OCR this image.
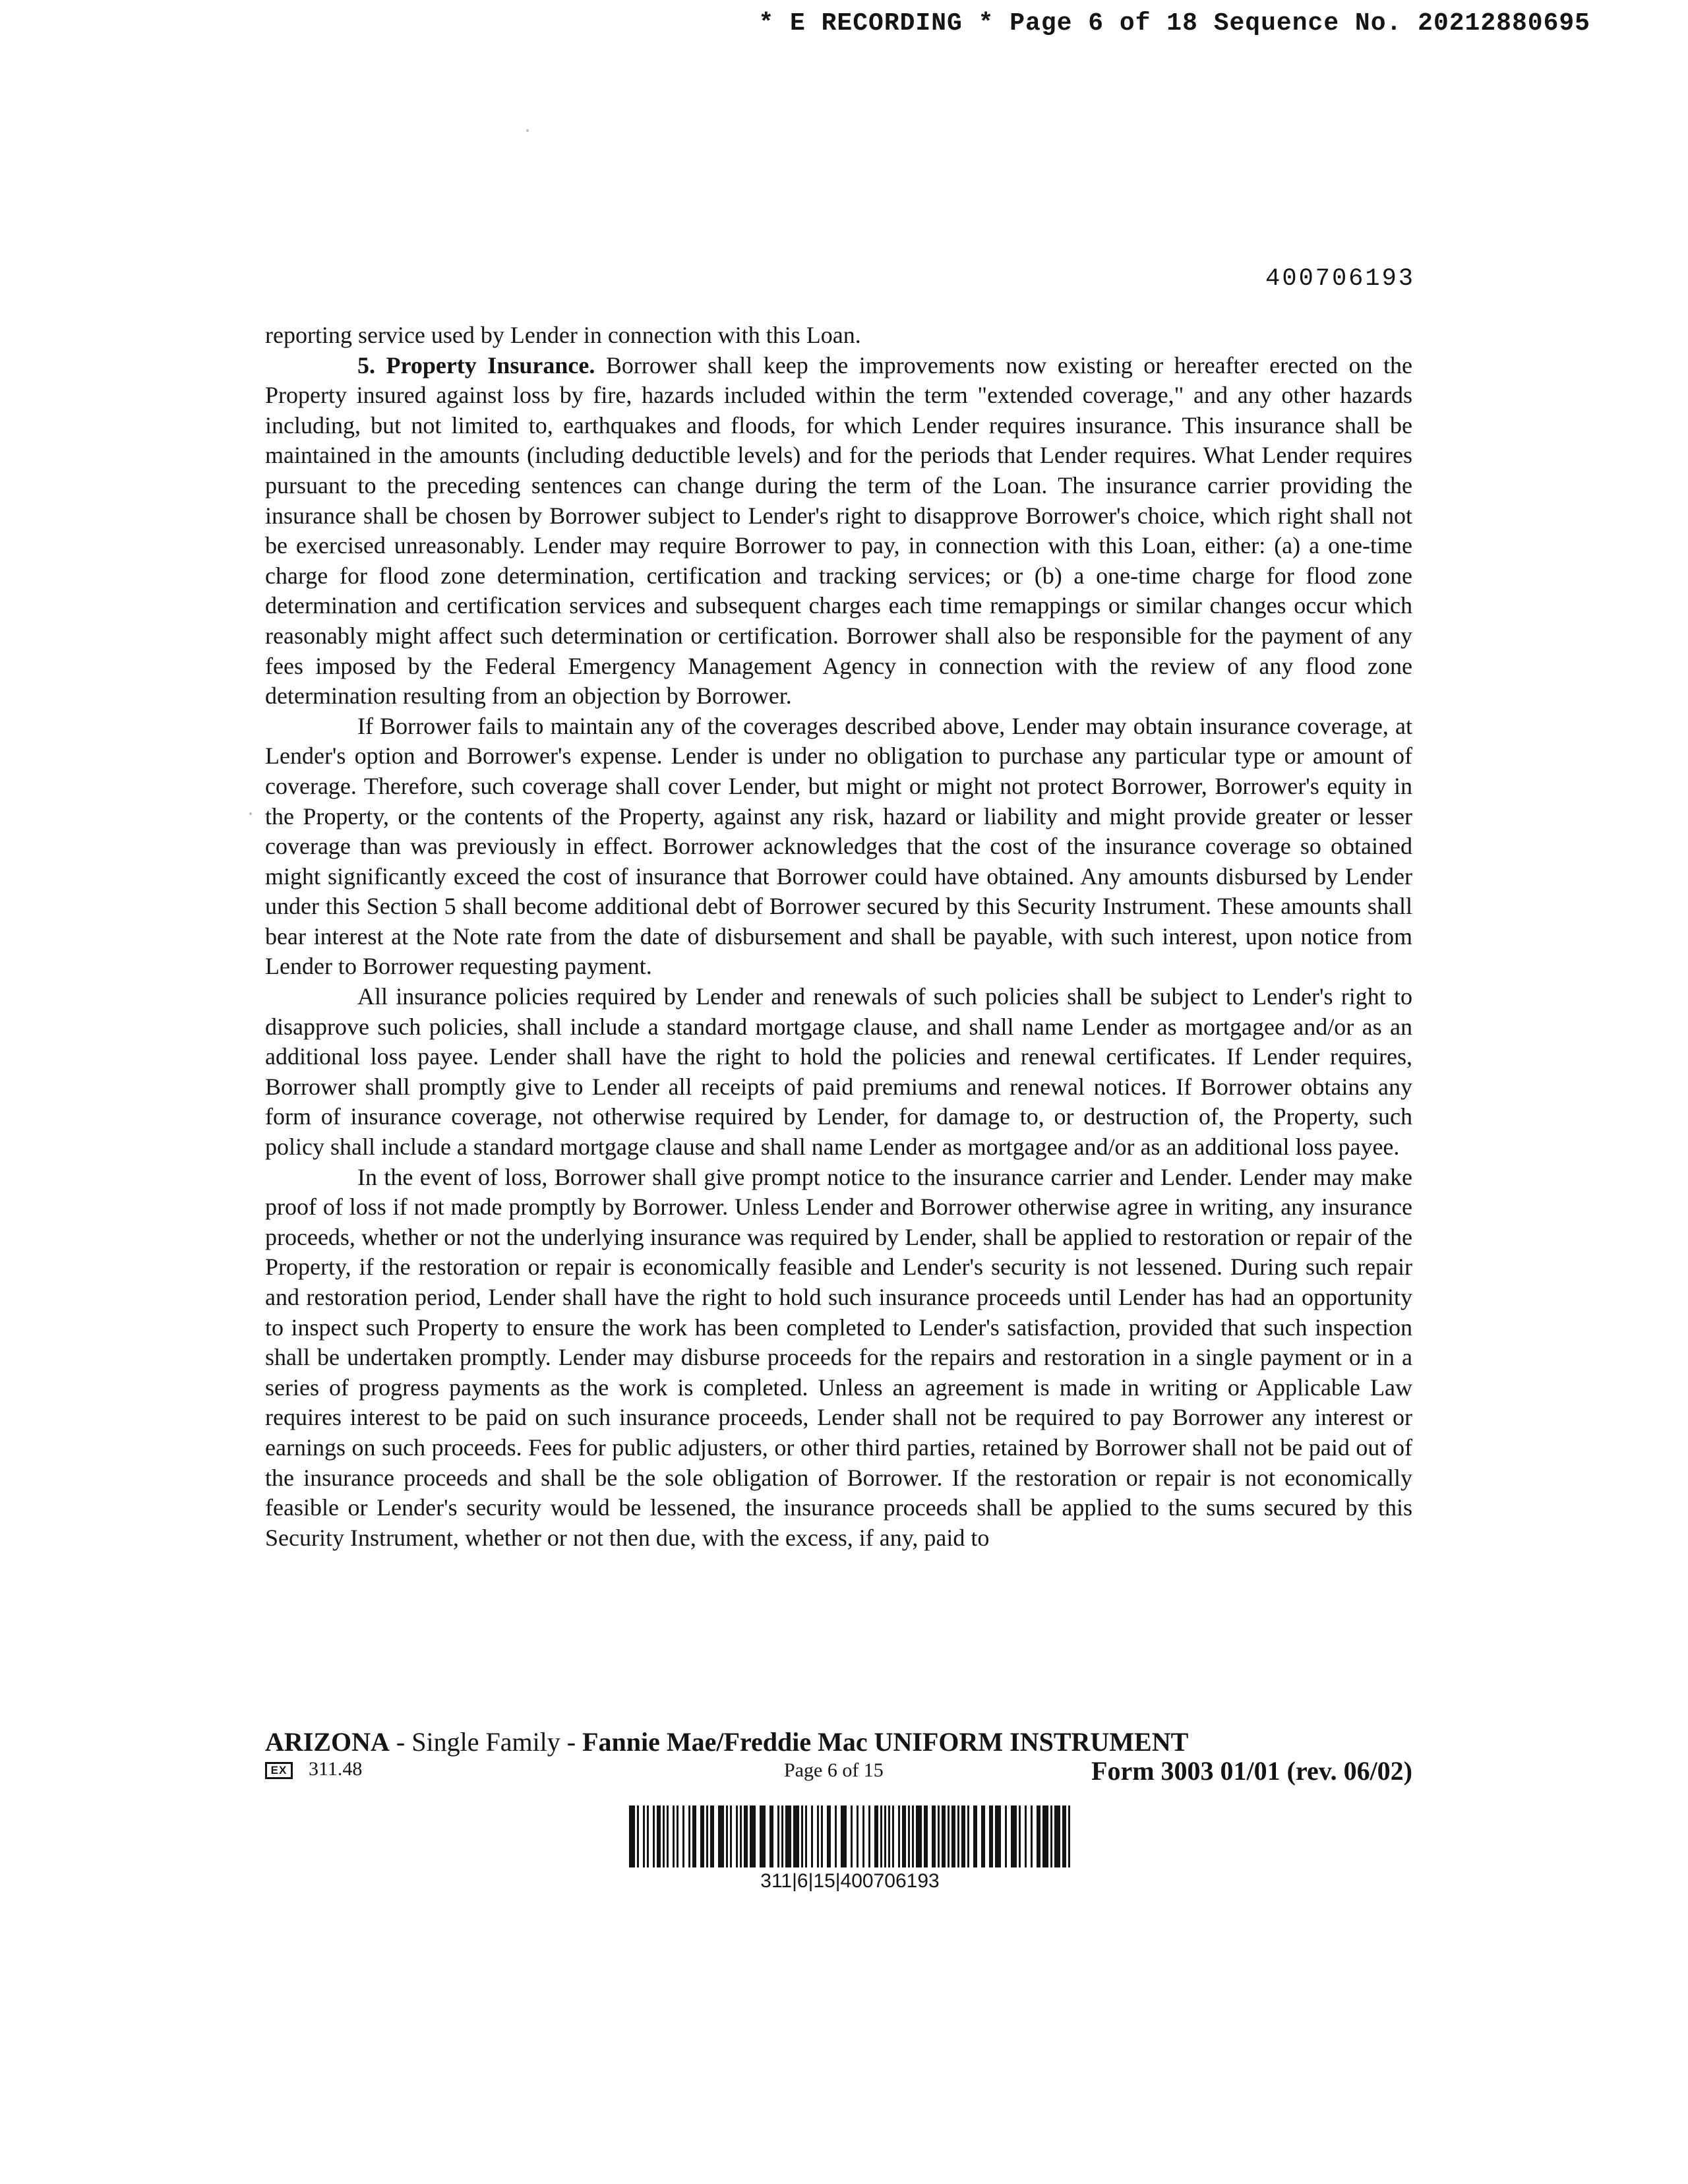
* E RECORDING * Page 6 of 18 Sequence No. 20212880695
400706193

reporting service used by Lender in connection with this Loan.

5. Property Insurance. Borrower shall keep the improvements now existing or hereafter erected on the Property insured against loss by fire, hazards included within the term "extended coverage," and any other hazards including, but not limited to, earthquakes and floods, for which Lender requires insurance. This insurance shall be maintained in the amounts (including deductible levels) and for the periods that Lender requires. What Lender requires pursuant to the preceding sentences can change during the term of the Loan. The insurance carrier providing the insurance shall be chosen by Borrower subject to Lender's right to disapprove Borrower's choice, which right shall not be exercised unreasonably. Lender may require Borrower to pay, in connection with this Loan, either: (a) a one-time charge for flood zone determination, certification and tracking services; or (b) a one-time charge for flood zone determination and certification services and subsequent charges each time remappings or similar changes occur which reasonably might affect such determination or certification. Borrower shall also be responsible for the payment of any fees imposed by the Federal Emergency Management Agency in connection with the review of any flood zone determination resulting from an objection by Borrower.

If Borrower fails to maintain any of the coverages described above, Lender may obtain insurance coverage, at Lender's option and Borrower's expense. Lender is under no obligation to purchase any particular type or amount of coverage. Therefore, such coverage shall cover Lender, but might or might not protect Borrower, Borrower's equity in the Property, or the contents of the Property, against any risk, hazard or liability and might provide greater or lesser coverage than was previously in effect. Borrower acknowledges that the cost of the insurance coverage so obtained might significantly exceed the cost of insurance that Borrower could have obtained. Any amounts disbursed by Lender under this Section 5 shall become additional debt of Borrower secured by this Security Instrument. These amounts shall bear interest at the Note rate from the date of disbursement and shall be payable, with such interest, upon notice from Lender to Borrower requesting payment.

All insurance policies required by Lender and renewals of such policies shall be subject to Lender's right to disapprove such policies, shall include a standard mortgage clause, and shall name Lender as mortgagee and/or as an additional loss payee. Lender shall have the right to hold the policies and renewal certificates. If Lender requires, Borrower shall promptly give to Lender all receipts of paid premiums and renewal notices. If Borrower obtains any form of insurance coverage, not otherwise required by Lender, for damage to, or destruction of, the Property, such policy shall include a standard mortgage clause and shall name Lender as mortgagee and/or as an additional loss payee.

In the event of loss, Borrower shall give prompt notice to the insurance carrier and Lender. Lender may make proof of loss if not made promptly by Borrower. Unless Lender and Borrower otherwise agree in writing, any insurance proceeds, whether or not the underlying insurance was required by Lender, shall be applied to restoration or repair of the Property, if the restoration or repair is economically feasible and Lender's security is not lessened. During such repair and restoration period, Lender shall have the right to hold such insurance proceeds until Lender has had an opportunity to inspect such Property to ensure the work has been completed to Lender's satisfaction, provided that such inspection shall be undertaken promptly. Lender may disburse proceeds for the repairs and restoration in a single payment or in a series of progress payments as the work is completed. Unless an agreement is made in writing or Applicable Law requires interest to be paid on such insurance proceeds, Lender shall not be required to pay Borrower any interest or earnings on such proceeds. Fees for public adjusters, or other third parties, retained by Borrower shall not be paid out of the insurance proceeds and shall be the sole obligation of Borrower. If the restoration or repair is not economically feasible or Lender's security would be lessened, the insurance proceeds shall be applied to the sums secured by this Security Instrument, whether or not then due, with the excess, if any, paid to

ARIZONA - Single Family - Fannie Mae/Freddie Mac UNIFORM INSTRUMENT
EX 311.48	Page 6 of 15	Form 3003 01/01 (rev. 06/02)
311|6|15|400706193
